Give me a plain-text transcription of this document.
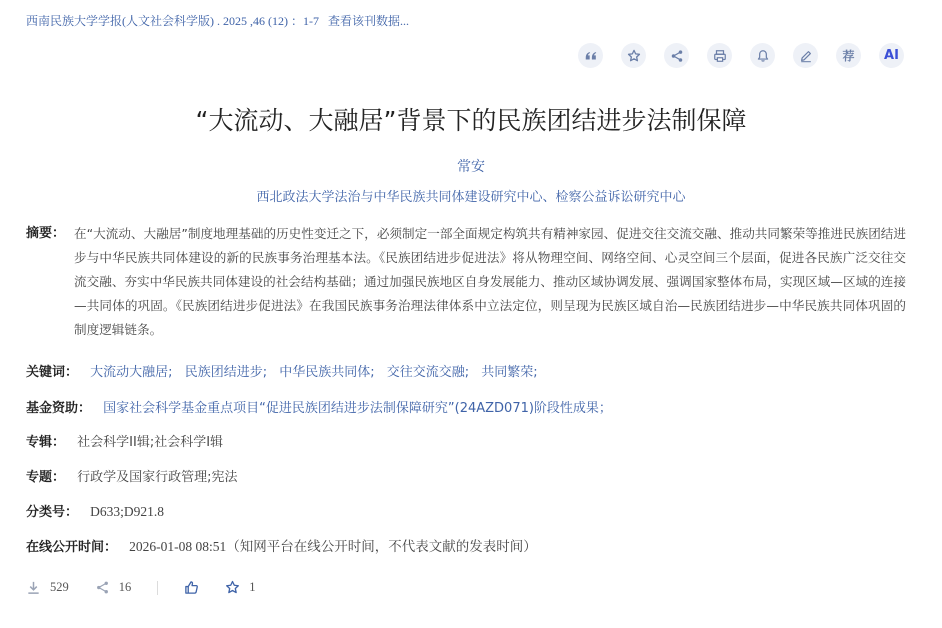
西南民族大学学报(人文社会科学版) . 2025 ,46 (12) ：1-7 查看该刊数据...
荐 AI
“大流动、大融居”背景下的民族团结进步法制保障
常安
西北政法大学法治与中华民族共同体建设研究中心、检察公益诉讼研究中心
摘要： 在“大流动、大融居”制度地理基础的历史性变迁之下，必须制定一部全面规定构筑共有精神家园、促进交往交流交融、推动共同繁荣等推进民族团结进步与中华民族共同体建设的新的民族事务治理基本法。《民族团结进步促进法》将从物理空间、网络空间、心灵空间三个层面，促进各民族广泛交往交流交融、夯实中华民族共同体建设的社会结构基础；通过加强民族地区自身发展能力、推动区域协调发展、强调国家整体布局，实现区域—区域的连接—共同体的巩固。《民族团结进步促进法》在我国民族事务治理法律体系中立法定位，则呈现为民族区域自治—民族团结进步—中华民族共同体巩固的制度逻辑链条。
关键词： 大流动大融居; 民族团结进步; 中华民族共同体; 交往交流交融; 共同繁荣;
基金资助： 国家社会科学基金重点项目“促进民族团结进步法制保障研究”(24AZD071)阶段性成果；
专辑： 社会科学II辑;社会科学I辑
专题： 行政学及国家行政管理;宪法
分类号： D633;D921.8
在线公开时间： 2026-01-08 08:51（知网平台在线公开时间，不代表文献的发表时间）
529	16	1
